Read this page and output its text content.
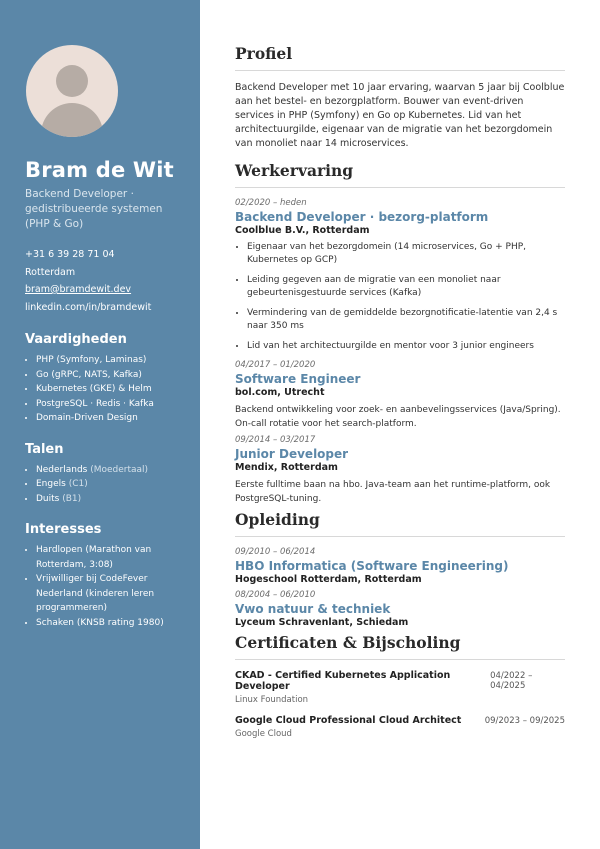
Bram de Wit
Backend Developer · gedistribueerde systemen (PHP & Go)
+31 6 39 28 71 04
Rotterdam
bram@bramdewit.dev
linkedin.com/in/bramdewit
Vaardigheden
• PHP (Symfony, Laminas)
• Go (gRPC, NATS, Kafka)
• Kubernetes (GKE) & Helm
• PostgreSQL · Redis · Kafka
• Domain-Driven Design
Talen
• Nederlands (Moedertaal)
• Engels (C1)
• Duits (B1)
Interesses
• Hardlopen (Marathon van Rotterdam, 3:08)
• Vrijwilliger bij CodeFever Nederland (kinderen leren programmeren)
• Schaken (KNSB rating 1980)
Profiel

Backend Developer met 10 jaar ervaring, waarvan 5 jaar bij Coolblue aan het bestel- en bezorgplatform. Bouwer van event-driven services in PHP (Symfony) en Go op Kubernetes. Lid van het architectuurgilde, eigenaar van de migratie van het bezorgdomein van monoliet naar 14 microservices.

Werkervaring
02/2020 – heden
Backend Developer · bezorg-platform
Coolblue B.V., Rotterdam
• Eigenaar van het bezorgdomein (14 microservices, Go + PHP, Kubernetes op GCP)
• Leiding gegeven aan de migratie van een monoliet naar gebeurtenisgestuurde services (Kafka)
• Vermindering van de gemiddelde bezorgnotificatie-latentie van 2,4 s naar 350 ms
• Lid van het architectuurgilde en mentor voor 3 junior engineers
04/2017 – 01/2020
Software Engineer
bol.com, Utrecht

Backend ontwikkeling voor zoek- en aanbevelingsservices (Java/Spring). On-call rotatie voor het search-platform.

09/2014 – 03/2017
Junior Developer
Mendix, Rotterdam

Eerste fulltime baan na hbo. Java-team aan het runtime-platform, ook PostgreSQL-tuning.

Opleiding
09/2010 – 06/2014
HBO Informatica (Software Engineering)
Hogeschool Rotterdam, Rotterdam
08/2004 – 06/2010
Vwo natuur & techniek
Lyceum Schravenlant, Schiedam
Certificaten & Bijscholing
CKAD - Certified Kubernetes Application Developer
04/2022 – 04/2025
Linux Foundation
Google Cloud Professional Cloud Architect	09/2023 – 09/2025
Google Cloud
